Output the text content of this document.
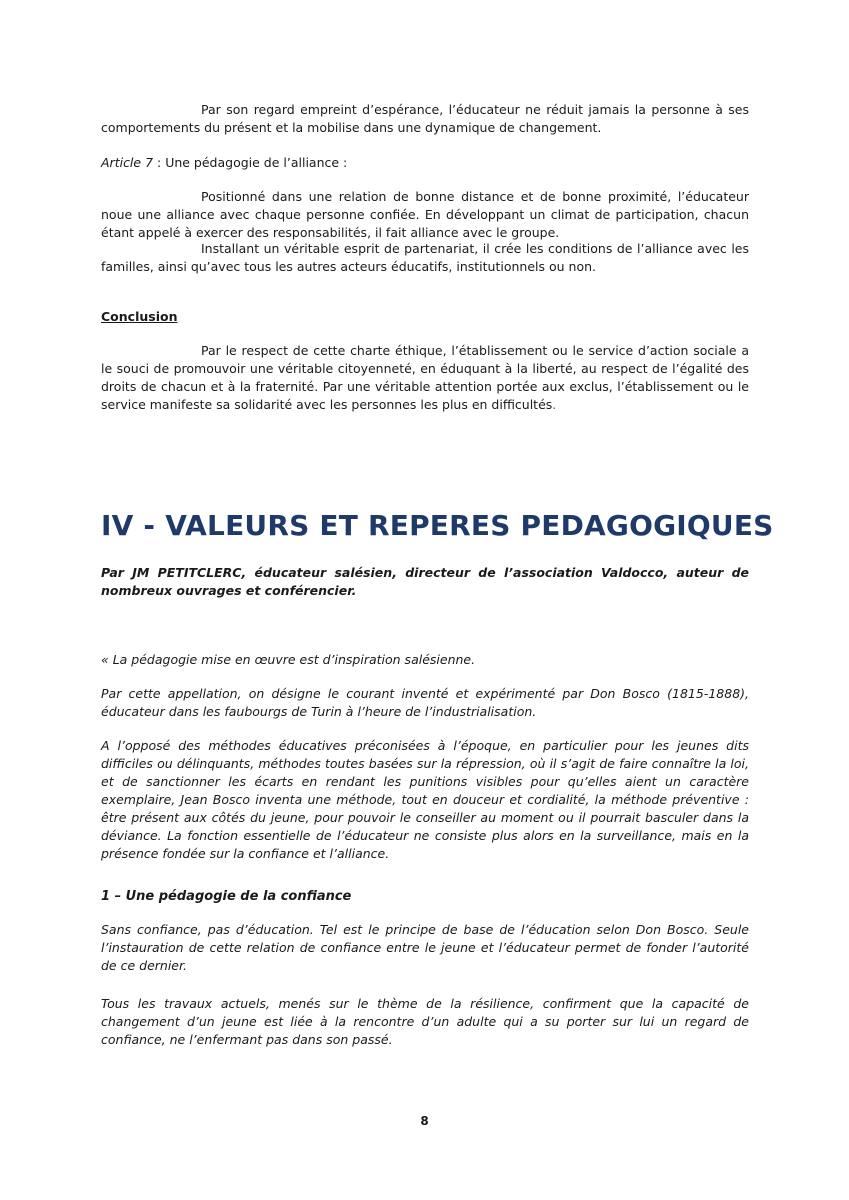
Par son regard empreint d’espérance, l’éducateur ne réduit jamais la personne à ses comportements du présent et la mobilise dans une dynamique de changement.

Article 7 : Une pédagogie de l’alliance :

Positionné dans une relation de bonne distance et de bonne proximité, l’éducateur noue une alliance avec chaque personne confiée. En développant un climat de participation, chacun étant appelé à exercer des responsabilités, il fait alliance avec le groupe.

Installant un véritable esprit de partenariat, il crée les conditions de l’alliance avec les familles, ainsi qu’avec tous les autres acteurs éducatifs, institutionnels ou non.

Conclusion

Par le respect de cette charte éthique, l’établissement ou le service d’action sociale a le souci de promouvoir une véritable citoyenneté, en éduquant à la liberté, au respect de l’égalité des droits de chacun et à la fraternité. Par une véritable attention portée aux exclus, l’établissement ou le service manifeste sa solidarité avec les personnes les plus en difficultés.

IV - VALEURS ET REPERES PEDAGOGIQUES
Par JM PETITCLERC, éducateur salésien, directeur de l’association Valdocco, auteur de nombreux ouvrages et conférencier.
« La pédagogie mise en œuvre est d’inspiration salésienne.
Par cette appellation, on désigne le courant inventé et expérimenté par Don Bosco (1815-1888), éducateur dans les faubourgs de Turin à l’heure de l’industrialisation.
A l’opposé des méthodes éducatives préconisées à l’époque, en particulier pour les jeunes dits difficiles ou délinquants, méthodes toutes basées sur la répression, où il s’agit de faire connaître la loi, et de sanctionner les écarts en rendant les punitions visibles pour qu’elles aient un caractère exemplaire, Jean Bosco inventa une méthode, tout en douceur et cordialité, la méthode préventive : être présent aux côtés du jeune, pour pouvoir le conseiller au moment ou il pourrait basculer dans la déviance. La fonction essentielle de l’éducateur ne consiste plus alors en la surveillance, mais en la présence fondée sur la confiance et l’alliance.
1 – Une pédagogie de la confiance
Sans confiance, pas d’éducation. Tel est le principe de base de l’éducation selon Don Bosco. Seule l’instauration de cette relation de confiance entre le jeune et l’éducateur permet de fonder l’autorité de ce dernier.
Tous les travaux actuels, menés sur le thème de la résilience, confirment que la capacité de changement d’un jeune est liée à la rencontre d’un adulte qui a su porter sur lui un regard de confiance, ne l’enfermant pas dans son passé.
8
